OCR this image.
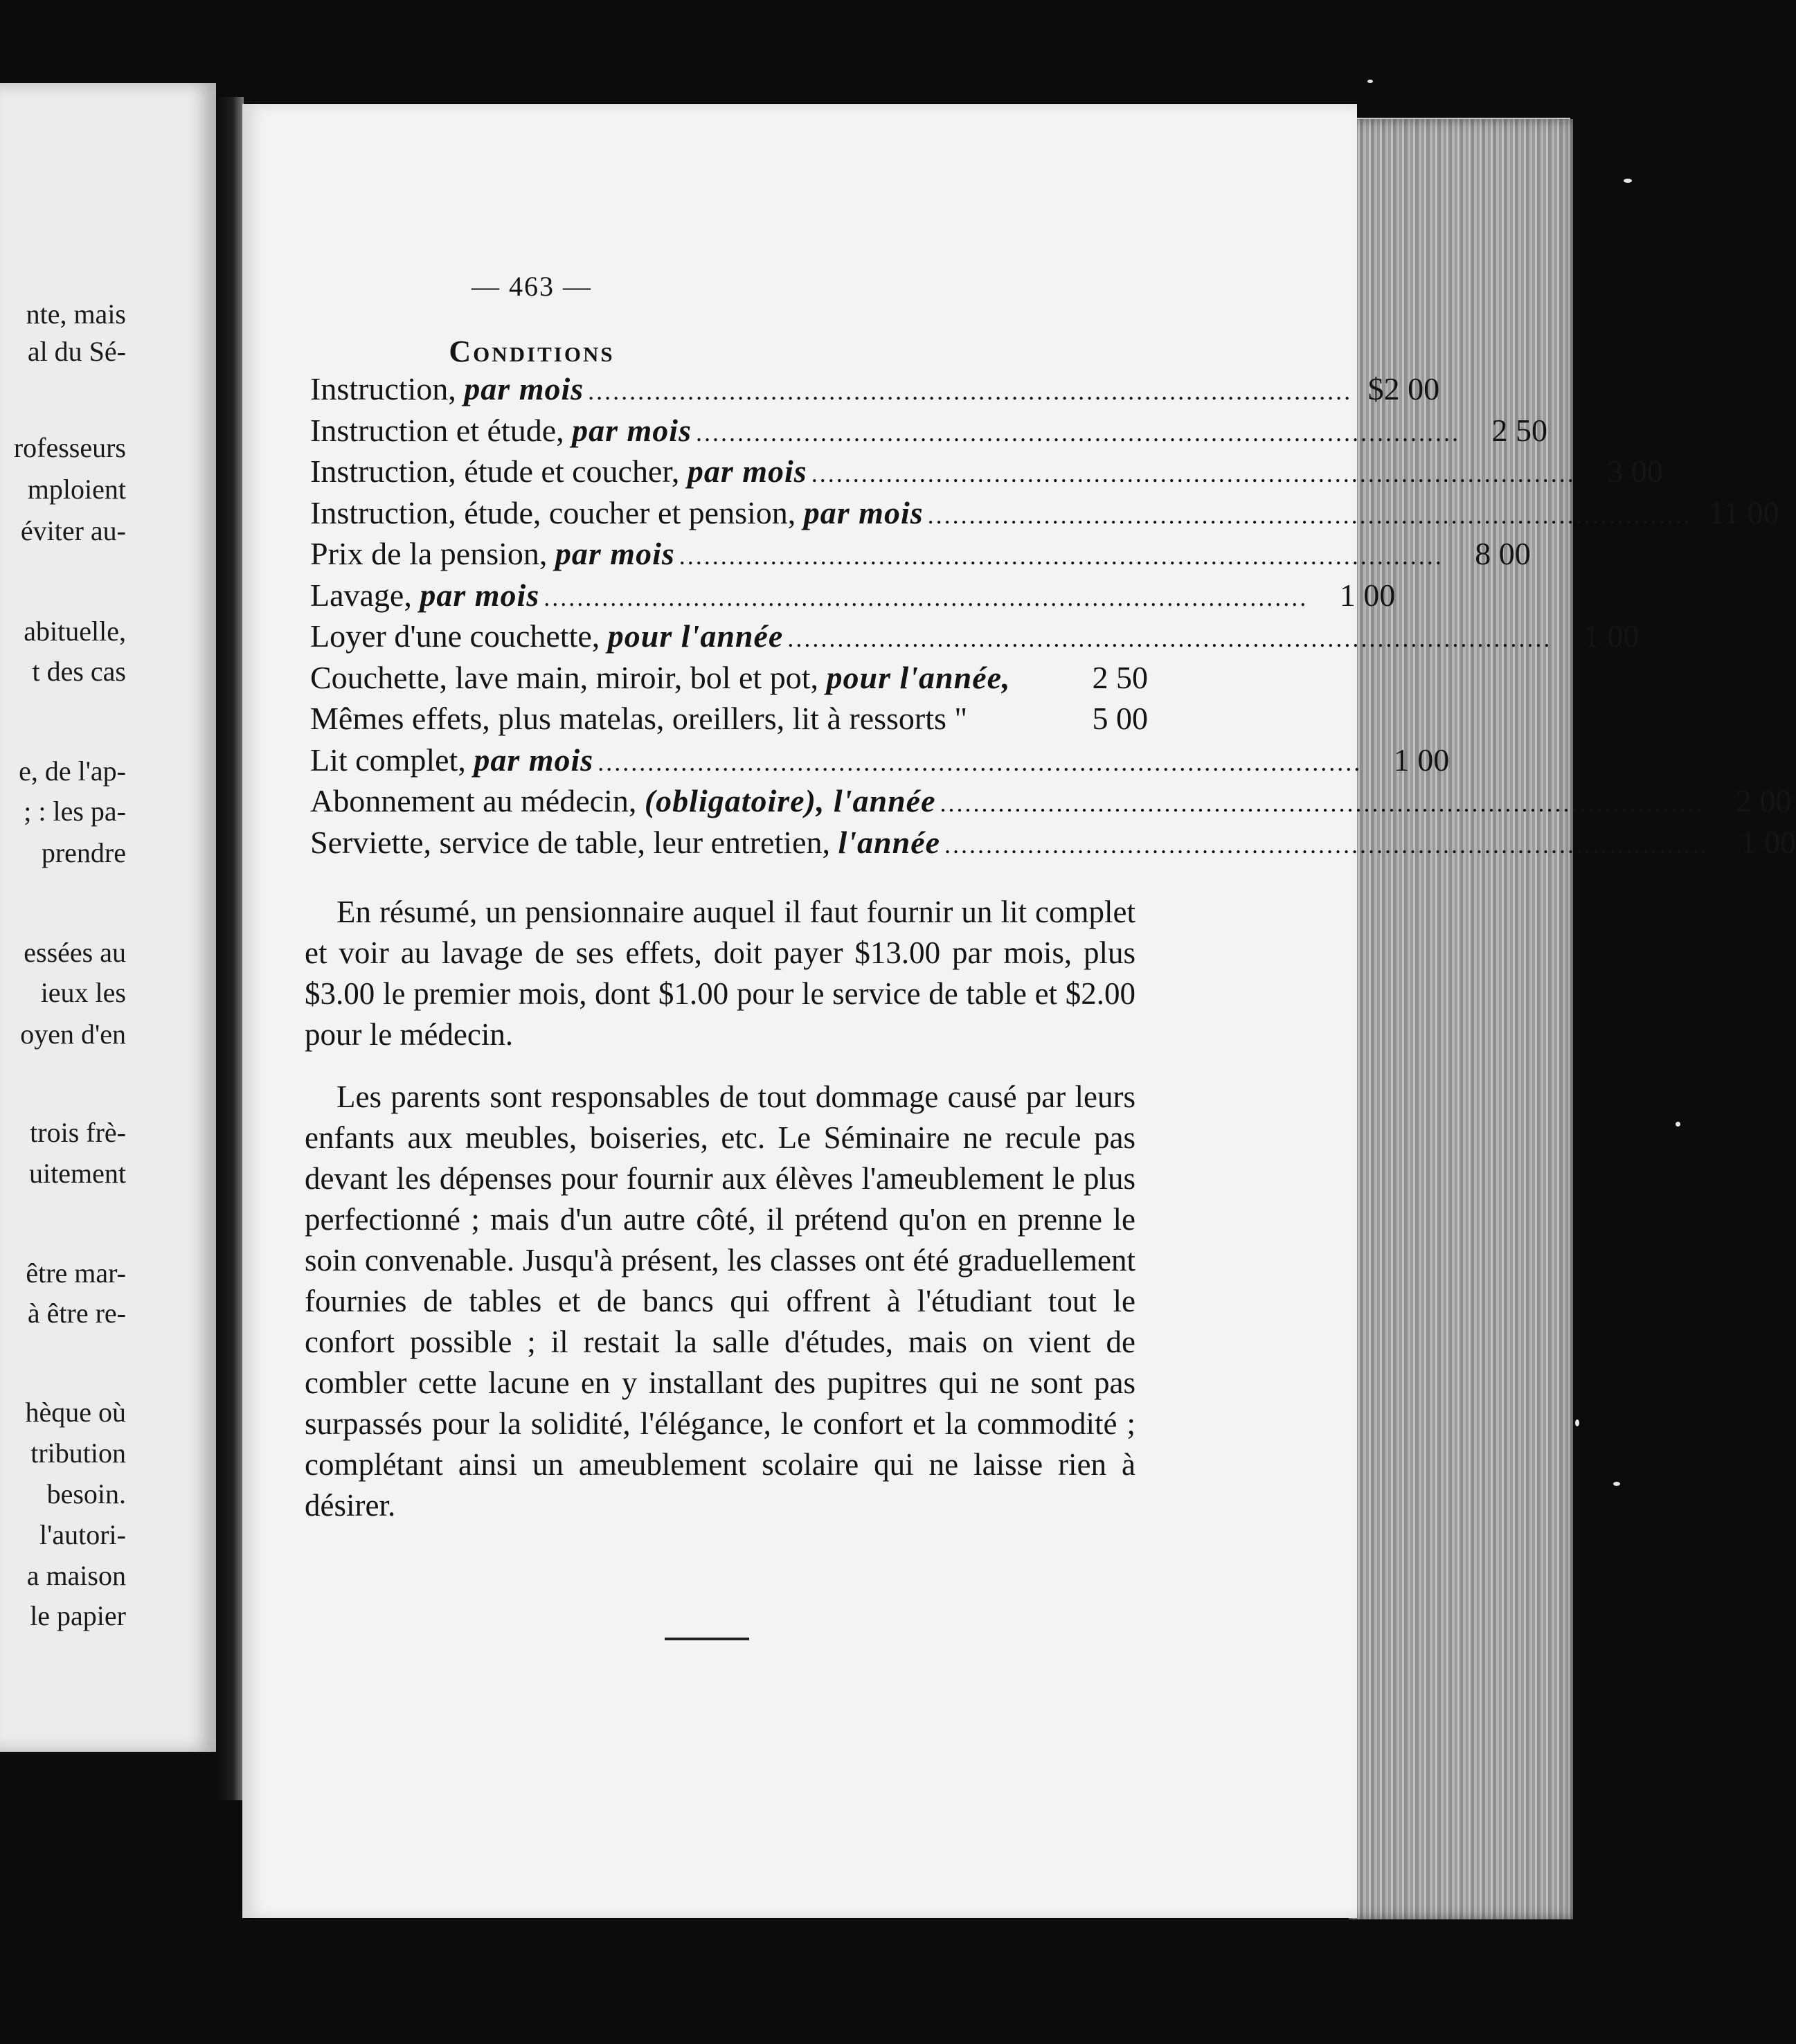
nte, mais
al du Sé-
rofesseurs
mploient
éviter au-
abituelle,
t des cas
e, de l'ap-
; : les pa-
prendre
essées au
ieux les
oyen d'en
trois frè-
uitement
être mar-
à être re-
hèque où
tribution
besoin.
l'autori-
a maison
le papier
— 463 —
Conditions
Instruction, par mois ............................................................................................ $2 00
Instruction et étude, par mois ............................................................................................ 2 50
Instruction, étude et coucher, par mois ............................................................................................ 3 00
Instruction, étude, coucher et pension, par mois ............................................................................................ 11 00
Prix de la pension, par mois ............................................................................................ 8 00
Lavage, par mois ............................................................................................ 1 00
Loyer d'une couchette, pour l'année ............................................................................................ 1 00
Couchette, lave main, miroir, bol et pot, pour l'année,	2 50
Mêmes effets, plus matelas, oreillers, lit à ressorts "	5 00
Lit complet, par mois ............................................................................................ 1 00
Abonnement au médecin, (obligatoire), l'année ............................................................................................ 2 00
Serviette, service de table, leur entretien, l'année ............................................................................................ 1 00

En résumé, un pensionnaire auquel il faut fournir un lit complet et voir au lavage de ses effets, doit payer $13.00 par mois, plus $3.00 le premier mois, dont $1.00 pour le service de table et $2.00 pour le médecin.

Les parents sont responsables de tout dommage causé par leurs enfants aux meubles, boiseries, etc. Le Séminaire ne recule pas devant les dépenses pour fournir aux élèves l'ameublement le plus perfectionné ; mais d'un autre côté, il prétend qu'on en prenne le soin convenable. Jusqu'à présent, les classes ont été graduellement fournies de tables et de bancs qui offrent à l'étudiant tout le confort possible ; il restait la salle d'études, mais on vient de combler cette lacune en y installant des pupitres qui ne sont pas surpassés pour la solidité, l'élégance, le confort et la commodité ; complétant ainsi un ameublement scolaire qui ne laisse rien à désirer.
